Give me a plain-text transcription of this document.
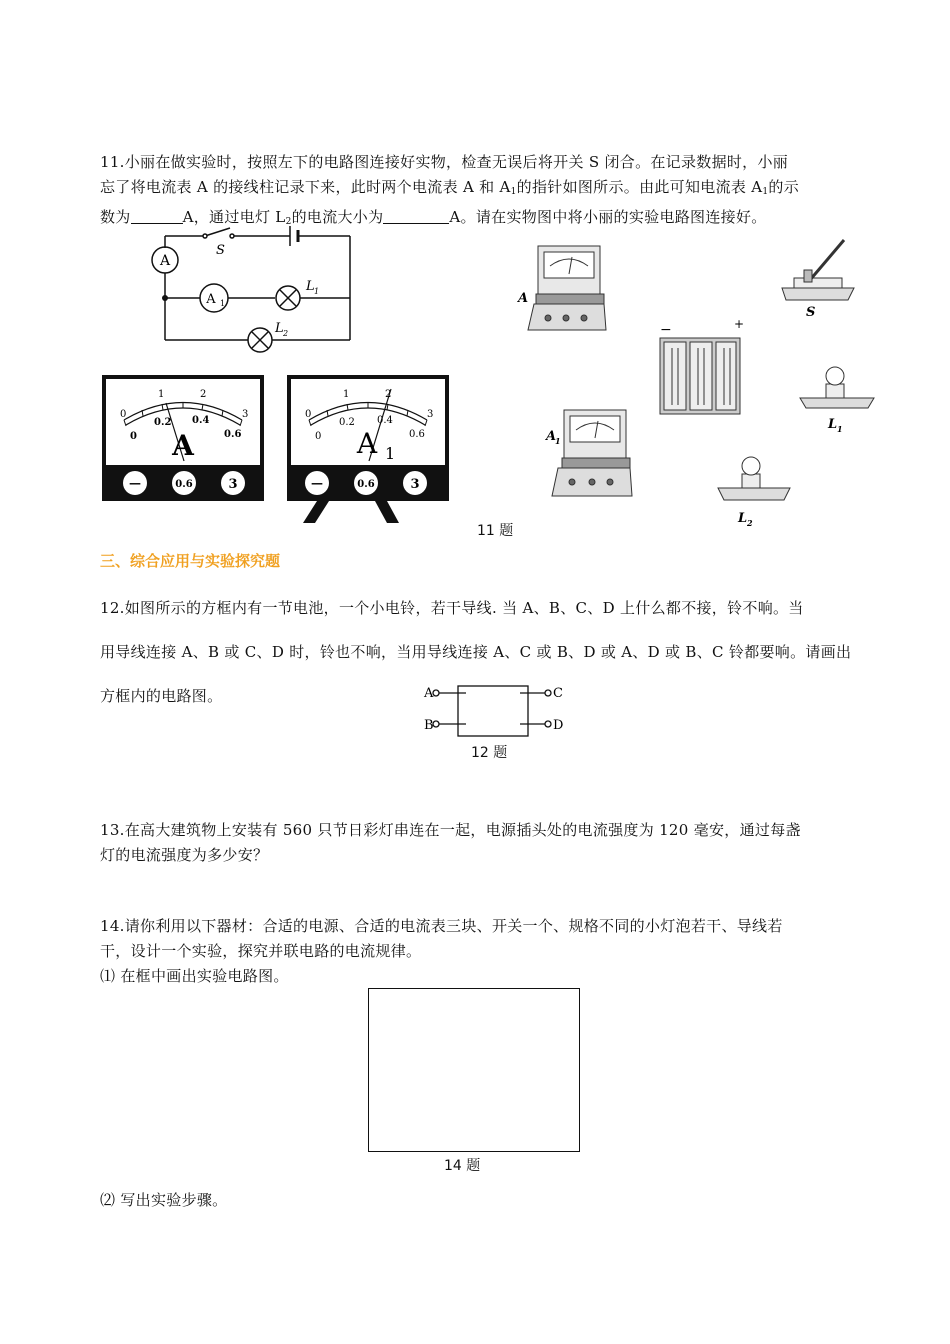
11.小丽在做实验时，按照左下的电路图连接好实物，检查无误后将开关 S 闭合。在记录数据时，小丽
忘了将电流表 A 的接线柱记录下来，此时两个电流表 A 和 $A_1$的指针如图所示。由此可知电流表 $A_1$的示
数为	A，通过电灯 $L_2$的电流大小为	A。请在实物图中将小丽的实验电路图连接好。
A
A 1
S
L 1
L 2
0
1	2
3
0
0.2 0.4
0.6
A
—	0.6	3
0
1	2
3
0
0.2 0.4
0.6
A 1
—	0.6	3
A
S
−	+
L 1
A
1
L 2
11 题
三、综合应用与实验探究题
12.如图所示的方框内有一节电池，一个小电铃，若干导线. 当 A、B、C、D 上什么都不接，铃不响。当
用导线连接 A、B 或 C、D 时，铃也不响，当用导线连接 A、C 或 B、D 或 A、D 或 B、C 铃都要响。请画出
方框内的电路图。	A
B
C
D
12 题
13.在高大建筑物上安装有 560 只节日彩灯串连在一起，电源插头处的电流强度为 120 毫安，通过每盏
灯的电流强度为多少安？
14.请你利用以下器材：合适的电源、合适的电流表三块、开关一个、规格不同的小灯泡若干、导线若
干，设计一个实验，探究并联电路的电流规律。
⑴ 在框中画出实验电路图。
14 题
⑵ 写出实验步骤。
